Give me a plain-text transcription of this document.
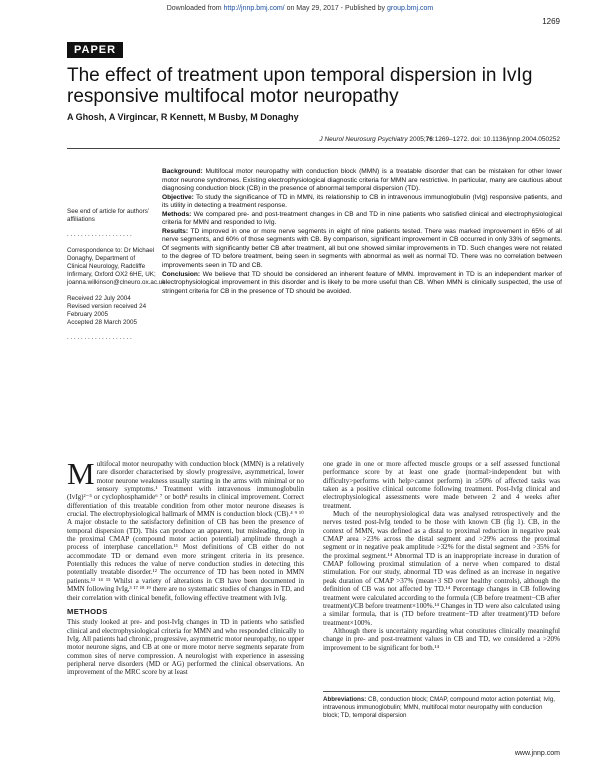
Downloaded from http://jnnp.bmj.com/ on May 29, 2017 - Published by group.bmj.com
1269
PAPER
The effect of treatment upon temporal dispersion in IvIg responsive multifocal motor neuropathy
A Ghosh, A Virgincar, R Kennett, M Busby, M Donaghy
J Neurol Neurosurg Psychiatry 2005;76:1269–1272. doi: 10.1136/jnnp.2004.050252

See end of article for authors’ affiliations

. . . . . . . . . . . . . . . . . . .

Correspondence to: Dr Michael Donaghy, Department of Clinical Neurology, Radcliffe Infirmary, Oxford OX2 6HE, UK; joanna.wilkinson@clneuro.ox.ac.uk

Received 22 July 2004

Revised version received 24 February 2005

Accepted 28 March 2005

. . . . . . . . . . . . . . . . . . .

Background: Multifocal motor neuropathy with conduction block (MMN) is a treatable disorder that can be mistaken for other lower motor neurone syndromes. Existing electrophysiological diagnostic criteria for MMN are restrictive. In particular, many are cautious about diagnosing conduction block (CB) in the presence of abnormal temporal dispersion (TD).

Objective: To study the significance of TD in MMN, its relationship to CB in intravenous immunoglobulin (IvIg) responsive patients, and its utility in detecting a treatment response.

Methods: We compared pre- and post-treatment changes in CB and TD in nine patients who satisfied clinical and electrophysiological criteria for MMN and responded to IvIg.

Results: TD improved in one or more nerve segments in eight of nine patients tested. There was marked improvement in 65% of all nerve segments, and 60% of those segments with CB. By comparison, significant improvement in CB occurred in only 33% of segments. Of segments with significantly better CB after treatment, all but one showed similar improvements in TD. Such changes were not related to the degree of TD before treatment, being seen in segments with abnormal as well as normal TD. There was no correlation between improvements seen in TD and CB.

Conclusion: We believe that TD should be considered an inherent feature of MMN. Improvement in TD is an independent marker of electrophysiological improvement in this disorder and is likely to be more useful than CB. When MMN is clinically suspected, the use of stringent criteria for CB in the presence of TD should be avoided.

Multifocal motor neuropathy with conduction block (MMN) is a relatively rare disorder characterised by slowly progressive, asymmetrical, lower motor neurone weakness usually starting in the arms with minimal or no sensory symptoms.¹ Treatment with intravenous immunoglobulin (IvIg)²⁻⁵ or cyclophosphamide⁶ ⁷ or both⁸ results in clinical improvement. Correct differentiation of this treatable condition from other motor neurone diseases is crucial. The electrophysiological hallmark of MMN is conduction block (CB).⁴ ⁹ ¹⁰ A major obstacle to the satisfactory definition of CB has been the presence of temporal dispersion (TD). This can produce an apparent, but misleading, drop in the proximal CMAP (compound motor action potential) amplitude through a process of interphase cancellation.¹¹ Most definitions of CB either do not accommodate TD or demand even more stringent criteria in its presence. Potentially this reduces the value of nerve conduction studies in detecting this potentially treatable disorder.¹² The occurrence of TD has been noted in MMN patients.¹³ ¹⁴ ¹⁵ Whilst a variety of alterations in CB have been documented in MMN following IvIg,³ ¹⁷ ¹⁸ ¹⁹ there are no systematic studies of changes in TD, and their correlation with clinical benefit, following effective treatment with IvIg.

METHODS

This study looked at pre- and post-IvIg changes in TD in patients who satisfied clinical and electrophysiological criteria for MMN and who responded clinically to IvIg. All patients had chronic, progressive, asymmetric motor neuropathy, no upper motor neurone signs, and CB at one or more motor nerve segments separate from common sites of nerve compression. A neurologist with experience in assessing peripheral nerve disorders (MD or AG) performed the clinical observations. An improvement of the MRC score by at least

one grade in one or more affected muscle groups or a self assessed functional performance score by at least one grade (normal>independent but with difficulty>performs with help>cannot perform) in ≥50% of affected tasks was taken as a positive clinical outcome following treatment. Post-IvIg clinical and electrophysiological assessments were made between 2 and 4 weeks after treatment.

Much of the neurophysiological data was analysed retrospectively and the nerves tested post-IvIg tended to be those with known CB (fig 1). CB, in the context of MMN, was defined as a distal to proximal reduction in negative peak CMAP area >23% across the distal segment and >29% across the proximal segment or in negative peak amplitude >32% for the distal segment and >35% for the proximal segment.¹⁴ Abnormal TD is an inappropriate increase in duration of CMAP following proximal stimulation of a nerve when compared to distal stimulation. For our study, abnormal TD was defined as an increase in negative peak duration of CMAP >37% (mean+3 SD over healthy controls), although the definition of CB was not affected by TD.¹⁴ Percentage changes in CB following treatment were calculated according to the formula (CB before treatment−CB after treatment)/CB before treatment×100%.¹⁴ Changes in TD were also calculated using a similar formula, that is (TD before treatment−TD after treatment)/TD before treatment×100%.

Although there is uncertainty regarding what constitutes clinically meaningful change in pre- and post-treatment values in CB and TD, we considered a >20% improvement to be significant for both.¹⁴

Abbreviations: CB, conduction block; CMAP, compound motor action potential; IvIg, intravenous immunoglobulin; MMN, multifocal motor neuropathy with conduction block; TD, temporal dispersion
www.jnnp.com
